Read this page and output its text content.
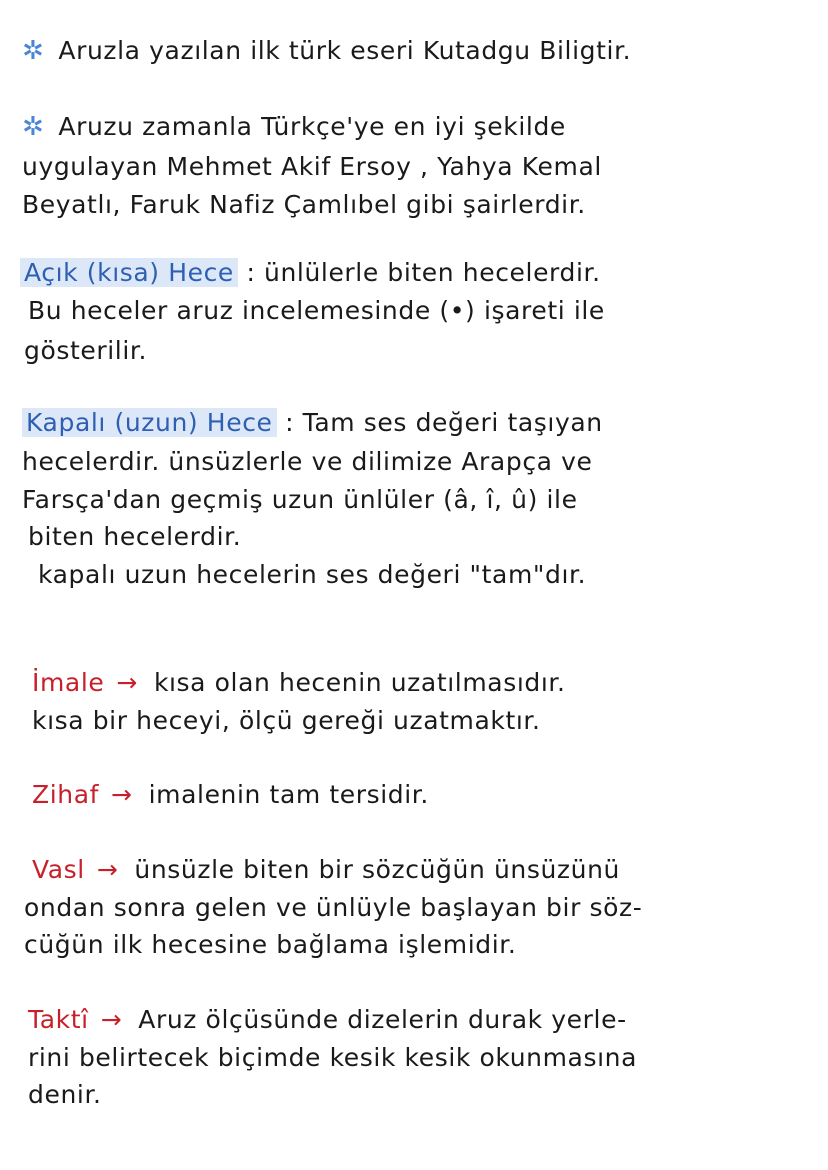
✲ Aruzla yazılan ilk türk eseri Kutadgu Biligtir.
✲ Aruzu zamanla Türkçe'ye en iyi şekilde
uygulayan Mehmet Akif Ersoy , Yahya Kemal
Beyatlı, Faruk Nafiz Çamlıbel gibi şairlerdir.
Açık (kısa) Hece : ünlülerle biten hecelerdir.
Bu heceler aruz incelemesinde (•) işareti ile
gösterilir.
Kapalı (uzun) Hece : Tam ses değeri taşıyan
hecelerdir. ünsüzlerle ve dilimize Arapça ve
Farsça'dan geçmiş uzun ünlüler (â, î, û) ile
biten hecelerdir.
kapalı uzun hecelerin ses değeri "tam"dır.
İmale → kısa olan hecenin uzatılmasıdır.
kısa bir heceyi, ölçü gereği uzatmaktır.
Zihaf → imalenin tam tersidir.
Vasl → ünsüzle biten bir sözcüğün ünsüzünü
ondan sonra gelen ve ünlüyle başlayan bir söz-
cüğün ilk hecesine bağlama işlemidir.
Taktî → Aruz ölçüsünde dizelerin durak yerle-
rini belirtecek biçimde kesik kesik okunmasına
denir.
